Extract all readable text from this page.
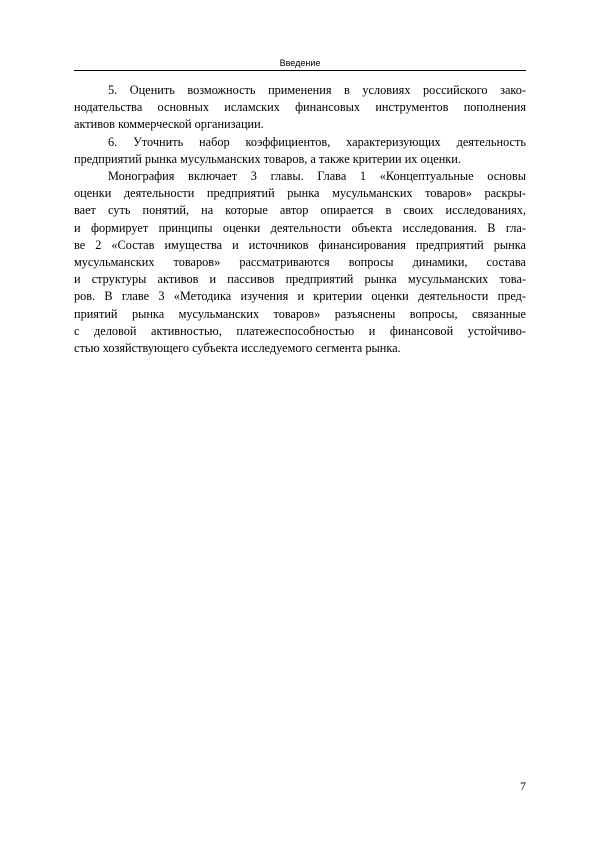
Введение
5. Оценить возможность применения в условиях российского зако-
нодательства основных исламских финансовых инструментов пополнения
активов коммерческой организации.
6. Уточнить набор коэффициентов, характеризующих деятельность
предприятий рынка мусульманских товаров, а также критерии их оценки.
Монография включает 3 главы. Глава 1 «Концептуальные основы
оценки деятельности предприятий рынка мусульманских товаров» раскры-
вает суть понятий, на которые автор опирается в своих исследованиях,
и формирует принципы оценки деятельности объекта исследования. В гла-
ве 2 «Состав имущества и источников финансирования предприятий рынка
мусульманских товаров» рассматриваются вопросы динамики, состава
и структуры активов и пассивов предприятий рынка мусульманских това-
ров. В главе 3 «Методика изучения и критерии оценки деятельности пред-
приятий рынка мусульманских товаров» разъяснены вопросы, связанные
с деловой активностью, платежеспособностью и финансовой устойчиво-
стью хозяйствующего субъекта исследуемого сегмента рынка.
7
